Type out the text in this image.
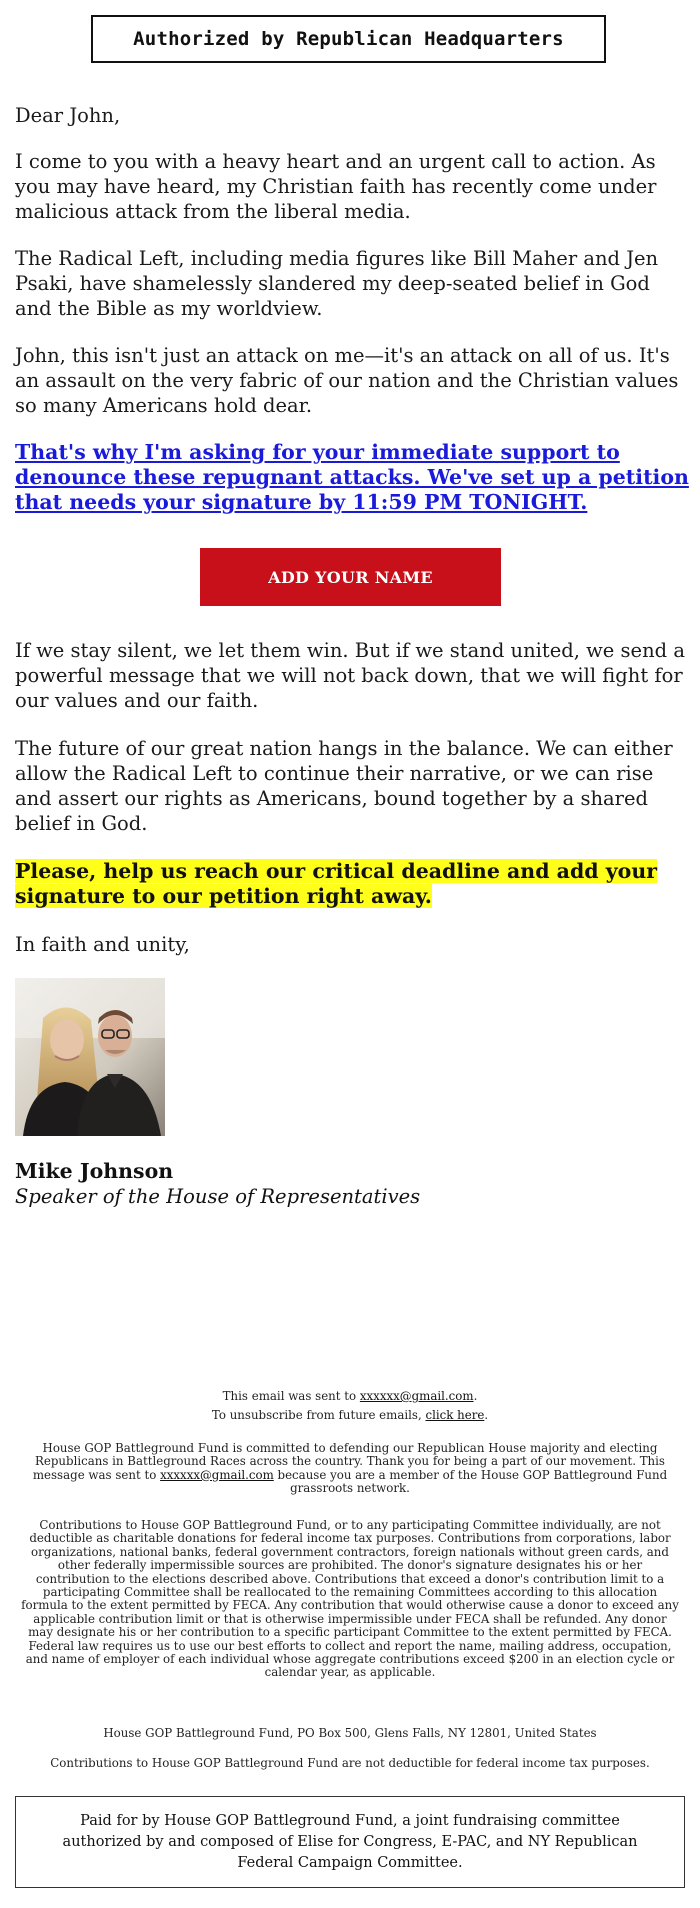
Authorized by Republican Headquarters

Dear John,

I come to you with a heavy heart and an urgent call to action. As you may have heard, my Christian faith has recently come under malicious attack from the liberal media.

The Radical Left, including media figures like Bill Maher and Jen Psaki, have shamelessly slandered my deep-seated belief in God and the Bible as my worldview.

John, this isn't just an attack on me—it's an attack on all of us. It's an assault on the very fabric of our nation and the Christian values so many Americans hold dear.

That's why I'm asking for your immediate support to denounce these repugnant attacks. We've set up a petition that needs your signature by 11:59 PM TONIGHT.
ADD YOUR NAME

If we stay silent, we let them win. But if we stand united, we send a powerful message that we will not back down, that we will fight for our values and our faith.

The future of our great nation hangs in the balance. We can either allow the Radical Left to continue their narrative, or we can rise and assert our rights as Americans, bound together by a shared belief in God.

Please, help us reach our critical deadline and add your signature to our petition right away.

In faith and unity,

Mike Johnson
Speaker of the House of Representatives
This email was sent to xxxxxx@gmail.com.
To unsubscribe from future emails, click here.
House GOP Battleground Fund is committed to defending our Republican House majority and electing Republicans in Battleground Races across the country. Thank you for being a part of our movement. This message was sent to xxxxxx@gmail.com because you are a member of the House GOP Battleground Fund grassroots network.
Contributions to House GOP Battleground Fund, or to any participating Committee individually, are not deductible as charitable donations for federal income tax purposes. Contributions from corporations, labor organizations, national banks, federal government contractors, foreign nationals without green cards, and other federally impermissible sources are prohibited. The donor's signature designates his or her contribution to the elections described above. Contributions that exceed a donor's contribution limit to a participating Committee shall be reallocated to the remaining Committees according to this allocation formula to the extent permitted by FECA. Any contribution that would otherwise cause a donor to exceed any applicable contribution limit or that is otherwise impermissible under FECA shall be refunded. Any donor may designate his or her contribution to a specific participant Committee to the extent permitted by FECA. Federal law requires us to use our best efforts to collect and report the name, mailing address, occupation, and name of employer of each individual whose aggregate contributions exceed $200 in an election cycle or calendar year, as applicable.
House GOP Battleground Fund, PO Box 500, Glens Falls, NY 12801, United States
Contributions to House GOP Battleground Fund are not deductible for federal income tax purposes.
Paid for by House GOP Battleground Fund, a joint fundraising committee authorized by and composed of Elise for Congress, E-PAC, and NY Republican Federal Campaign Committee.
